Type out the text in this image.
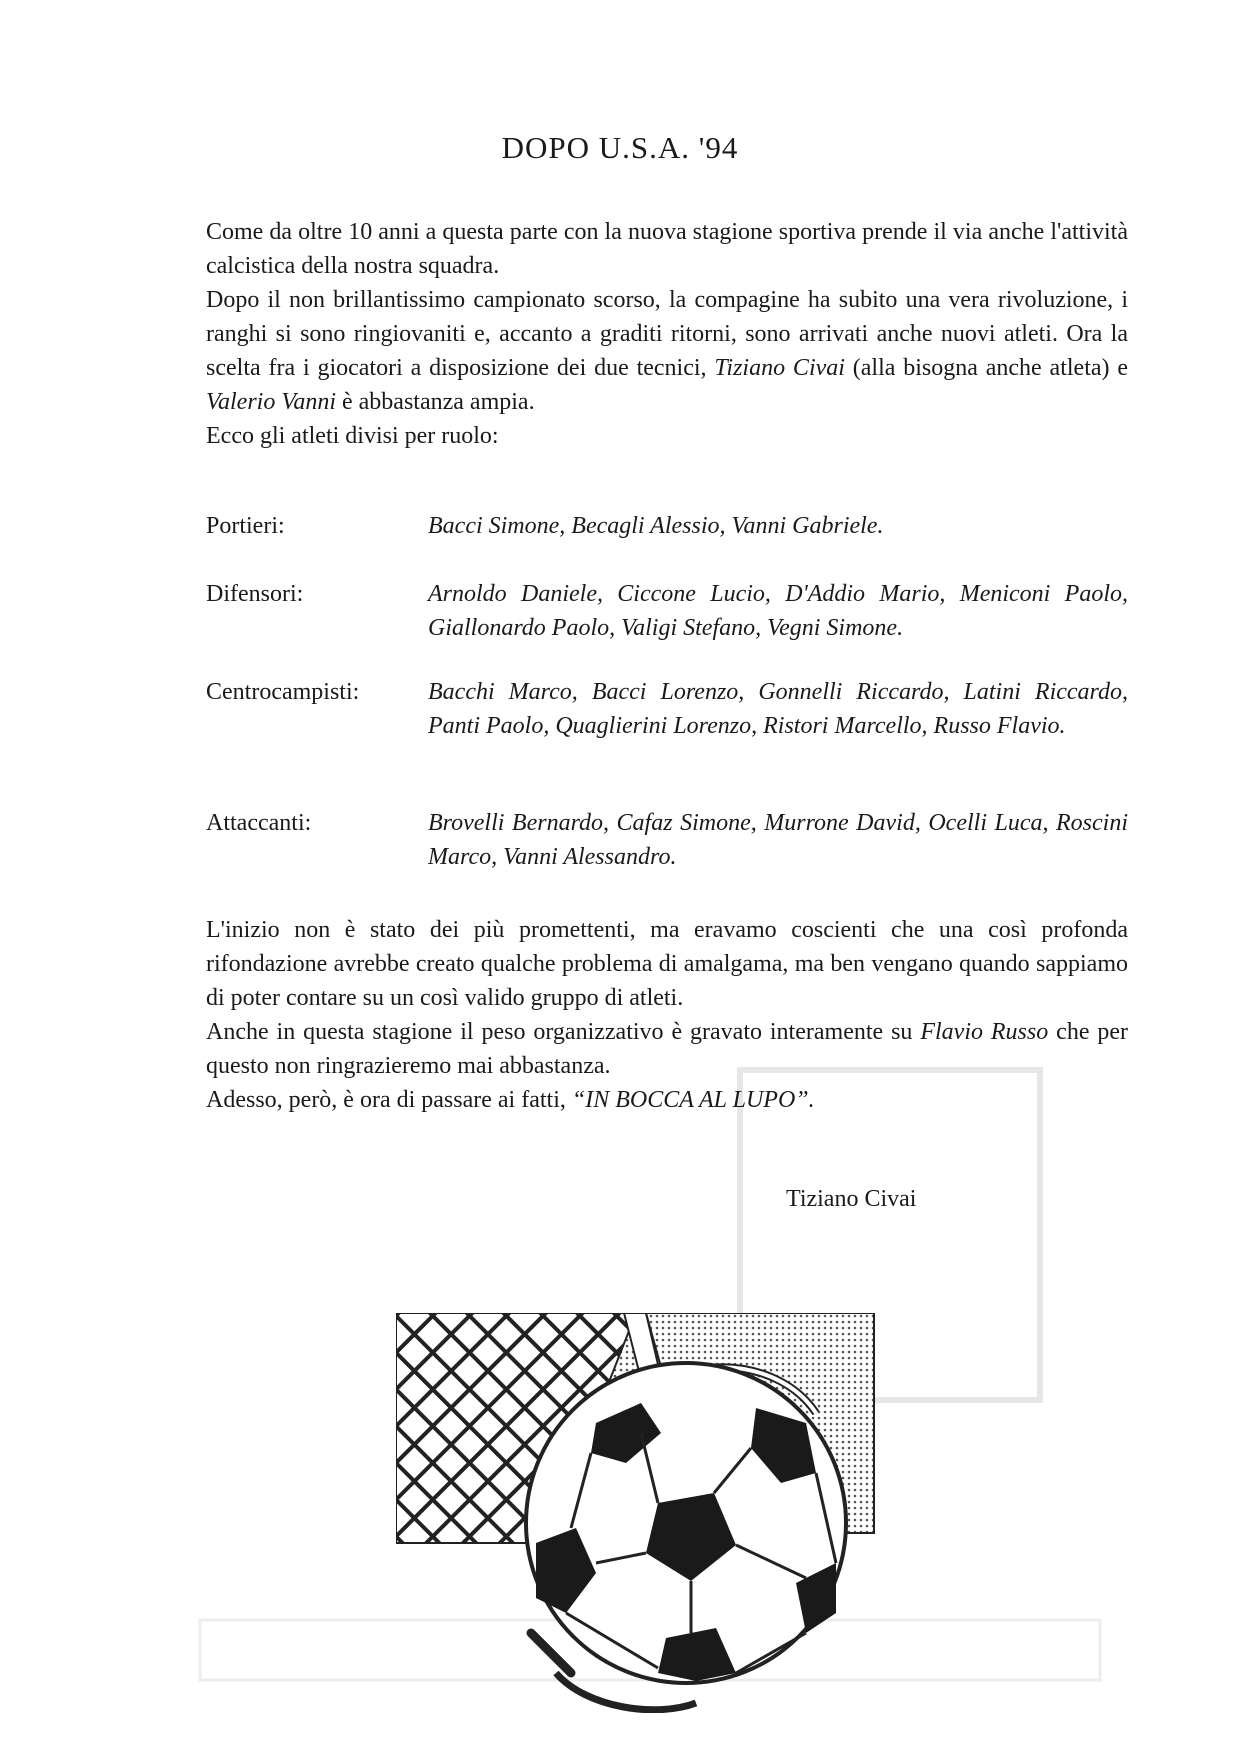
DOPO U.S.A. '94

Come da oltre 10 anni a questa parte con la nuova stagione sportiva prende il via anche l'attività calcistica della nostra squadra.

Dopo il non brillantissimo campionato scorso, la compagine ha subito una vera rivoluzione, i ranghi si sono ringiovaniti e, accanto a graditi ritorni, sono arrivati anche nuovi atleti. Ora la scelta fra i giocatori a disposizione dei due tecnici, Tiziano Civai (alla bisogna anche atleta) e Valerio Vanni è abbastanza ampia.

Ecco gli atleti divisi per ruolo:

Portieri:	Bacci Simone, Becagli Alessio, Vanni Gabriele.
Difensori:	Arnoldo Daniele, Ciccone Lucio, D'Addio Mario, Meniconi Paolo, Giallonardo Paolo, Valigi Stefano, Vegni Simone.
Centrocampisti:	Bacchi Marco, Bacci Lorenzo, Gonnelli Riccardo, Latini Riccardo, Panti Paolo, Quaglierini Lorenzo, Ristori Marcello, Russo Flavio.
Attaccanti:	Brovelli Bernardo, Cafaz Simone, Murrone David, Ocelli Luca, Roscini Marco, Vanni Alessandro.

L'inizio non è stato dei più promettenti, ma eravamo coscienti che una così profonda rifondazione avrebbe creato qualche problema di amalgama, ma ben vengano quando sappiamo di poter contare su un così valido gruppo di atleti.

Anche in questa stagione il peso organizzativo è gravato interamente su Flavio Russo che per questo non ringrazieremo mai abbastanza.

Adesso, però, è ora di passare ai fatti, “IN BOCCA AL LUPO”.

Tiziano Civai
